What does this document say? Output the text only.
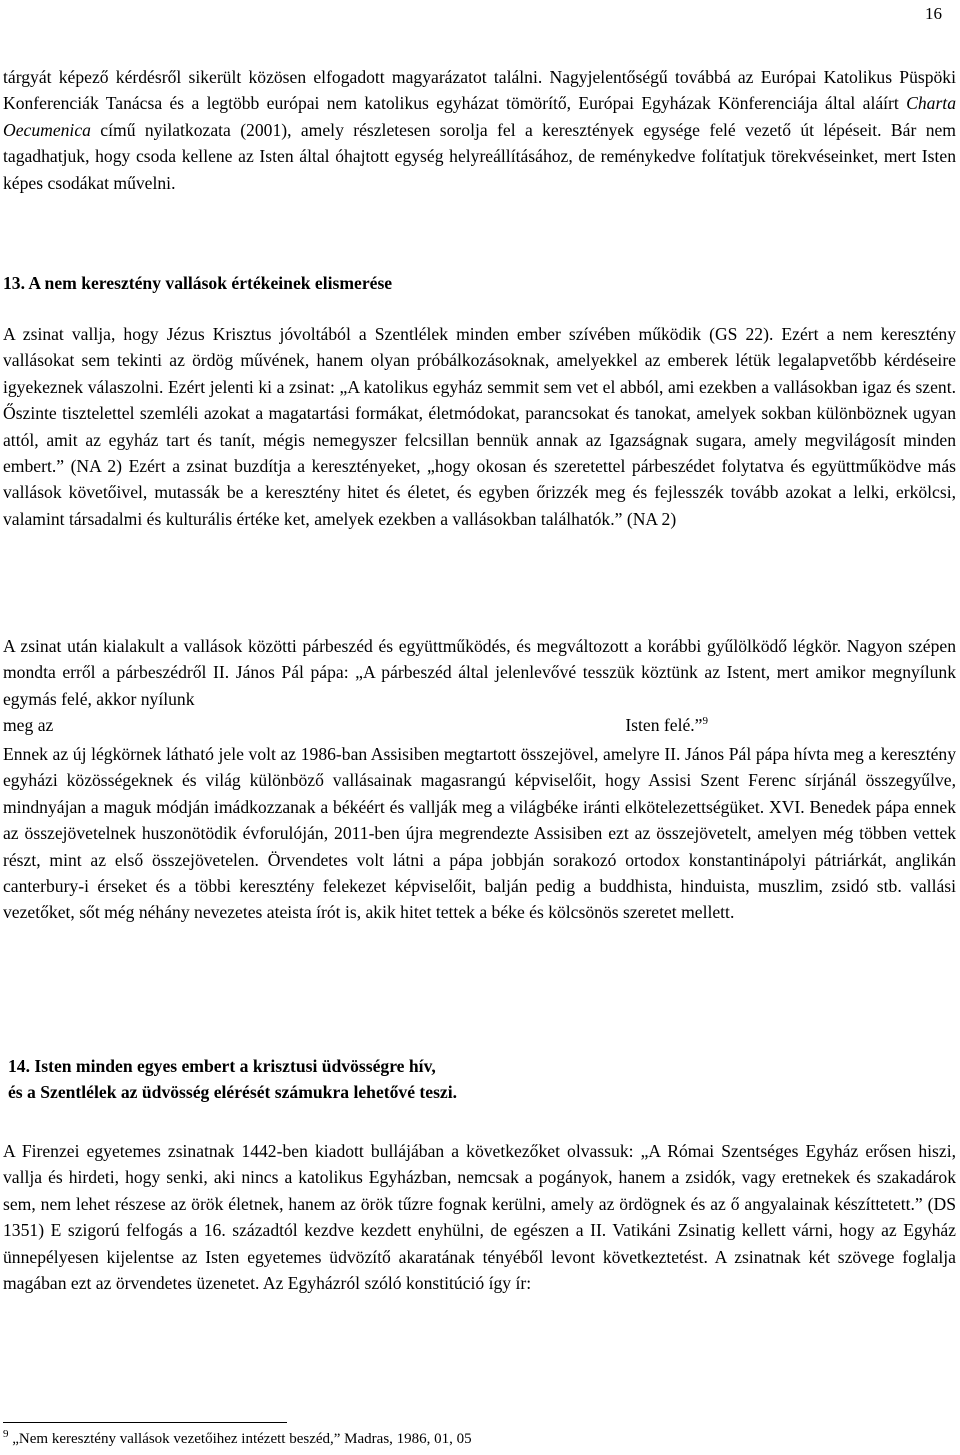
16
tárgyát képező kérdésről sikerült közösen elfogadott magyarázatot találni. Nagyjelentőségű továbbá az Európai Katolikus Püspöki Konferenciák Tanácsa és a legtöbb európai nem katolikus egyházat tömörítő, Európai Egyházak Könferenciája által aláírt Charta Oecumenica című nyilatkozata (2001), amely részletesen sorolja fel a keresztények egysége felé vezető út lépéseit. Bár nem tagadhatjuk, hogy csoda kellene az Isten által óhajtott egység helyreállításához, de reménykedve folítatjuk törekvéseinket, mert Isten képes csodákat művelni.
13. A nem keresztény vallások értékeinek elismerése
A zsinat vallja, hogy Jézus Krisztus jóvoltából a Szentlélek minden ember szívében működik (GS 22). Ezért a nem keresztény vallásokat sem tekinti az ördög művének, hanem olyan próbálkozásoknak, amelyekkel az emberek létük legalapvetőbb kérdéseire igyekeznek válaszolni. Ezért jelenti ki a zsinat: „A katolikus egyház semmit sem vet el abból, ami ezekben a vallásokban igaz és szent. Őszinte tisztelettel szemléli azokat a magatartási formákat, életmódokat, parancsokat és tanokat, amelyek sokban különböznek ugyan attól, amit az egyház tart és tanít, mégis nemegyszer felcsillan bennük annak az Igazságnak sugara, amely megvilágosít minden embert.” (NA 2) Ezért a zsinat buzdítja a keresztényeket, „hogy okosan és szeretettel párbeszédet folytatva és együttműködve más vallások követőivel, mutassák be a keresztény hitet és életet, és egyben őrizzék meg és fejlesszék tovább azokat a lelki, erkölcsi, valamint társadalmi és kulturális értéke ket, amelyek ezekben a vallásokban találhatók.” (NA 2)
A zsinat után kialakult a vallások közötti párbeszéd és együttműködés, és megváltozott a korábbi gyűlölködő légkör. Nagyon szépen mondta erről a párbeszédről II. János Pál pápa: „A párbeszéd által jelenlevővé tesszük köztünk az Istent, mert amikor megnyílunk egymás felé, akkor nyílunk
meg az	Isten felé.”$^9$
Ennek az új légkörnek látható jele volt az 1986-ban Assisiben megtartott összejövel, amelyre II. János Pál pápa hívta meg a keresztény egyházi közösségeknek és világ különböző vallásainak magasrangú képviselőit, hogy Assisi Szent Ferenc sírjánál összegyűlve, mindnyájan a maguk módján imádkozzanak a békéért és vallják meg a világbéke iránti elkötelezettségüket. XVI. Benedek pápa ennek az összejövetelnek huszonötödik évforulóján, 2011-ben újra megrendezte Assisiben ezt az összejövetelt, amelyen még többen vettek részt, mint az első összejövetelen. Örvendetes volt látni a pápa jobbján sorakozó ortodox konstantinápolyi pátriárkát, anglikán canterbury-i érseket és a többi keresztény felekezet képviselőit, balján pedig a buddhista, hinduista, muszlim, zsidó stb. vallási vezetőket, sőt még néhány nevezetes ateista írót is, akik hitet tettek a béke és kölcsönös szeretet mellett.
14. Isten minden egyes embert a krisztusi üdvösségre hív,
és a Szentlélek az üdvösség elérését számukra lehetővé teszi.
A Firenzei egyetemes zsinatnak 1442-ben kiadott bullájában a következőket olvassuk: „A Római Szentséges Egyház erősen hiszi, vallja és hirdeti, hogy senki, aki nincs a katolikus Egyházban, nemcsak a pogányok, hanem a zsidók, vagy eretnekek és szakadárok sem, nem lehet részese az örök életnek, hanem az örök tűzre fognak kerülni, amely az ördögnek és az ő angyalainak készíttetett.” (DS 1351) E szigorú felfogás a 16. századtól kezdve kezdett enyhülni, de egészen a II. Vatikáni Zsinatig kellett várni, hogy az Egyház ünnepélyesen kijelentse az Isten egyetemes üdvözítő akaratának tényéből levont következtetést. A zsinatnak két szövege foglalja magában ezt az örvendetes üzenetet. Az Egyházról szóló konstitúció így ír:
$^9$ „Nem keresztény vallások vezetőihez intézett beszéd,” Madras, 1986, 01, 05
